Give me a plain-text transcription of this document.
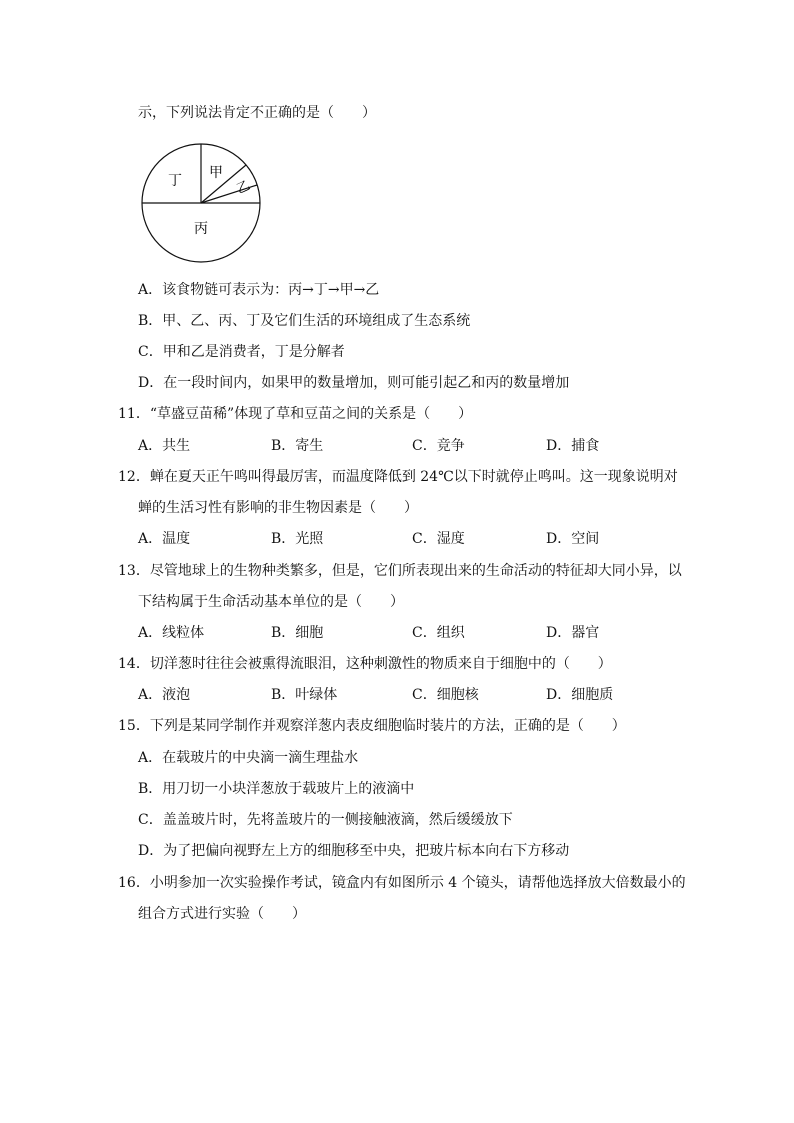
示，下列说法肯定不正确的是（　　）
丁 甲
乙
丙
A．该食物链可表示为：丙→丁→甲→乙
B．甲、乙、丙、丁及它们生活的环境组成了生态系统
C．甲和乙是消费者，丁是分解者
D．在一段时间内，如果甲的数量增加，则可能引起乙和丙的数量增加
11．“草盛豆苗稀”体现了草和豆苗之间的关系是（　　）
A．共生	B．寄生	C．竞争	D．捕食
12．蝉在夏天正午鸣叫得最厉害，而温度降低到 24℃以下时就停止鸣叫。这一现象说明对
蝉的生活习性有影响的非生物因素是（　　）
A．温度	B．光照	C．湿度	D．空间
13．尽管地球上的生物种类繁多，但是，它们所表现出来的生命活动的特征却大同小异，以
下结构属于生命活动基本单位的是（　　）
A．线粒体	B．细胞	C．组织	D．器官
14．切洋葱时往往会被熏得流眼泪，这种刺激性的物质来自于细胞中的（　　）
A．液泡	B．叶绿体	C．细胞核	D．细胞质
15．下列是某同学制作并观察洋葱内表皮细胞临时装片的方法，正确的是（　　）
A．在载玻片的中央滴一滴生理盐水
B．用刀切一小块洋葱放于载玻片上的液滴中
C．盖盖玻片时，先将盖玻片的一侧接触液滴，然后缓缓放下
D．为了把偏向视野左上方的细胞移至中央，把玻片标本向右下方移动
16．小明参加一次实验操作考试，镜盒内有如图所示 4 个镜头，请帮他选择放大倍数最小的
组合方式进行实验（　　）
